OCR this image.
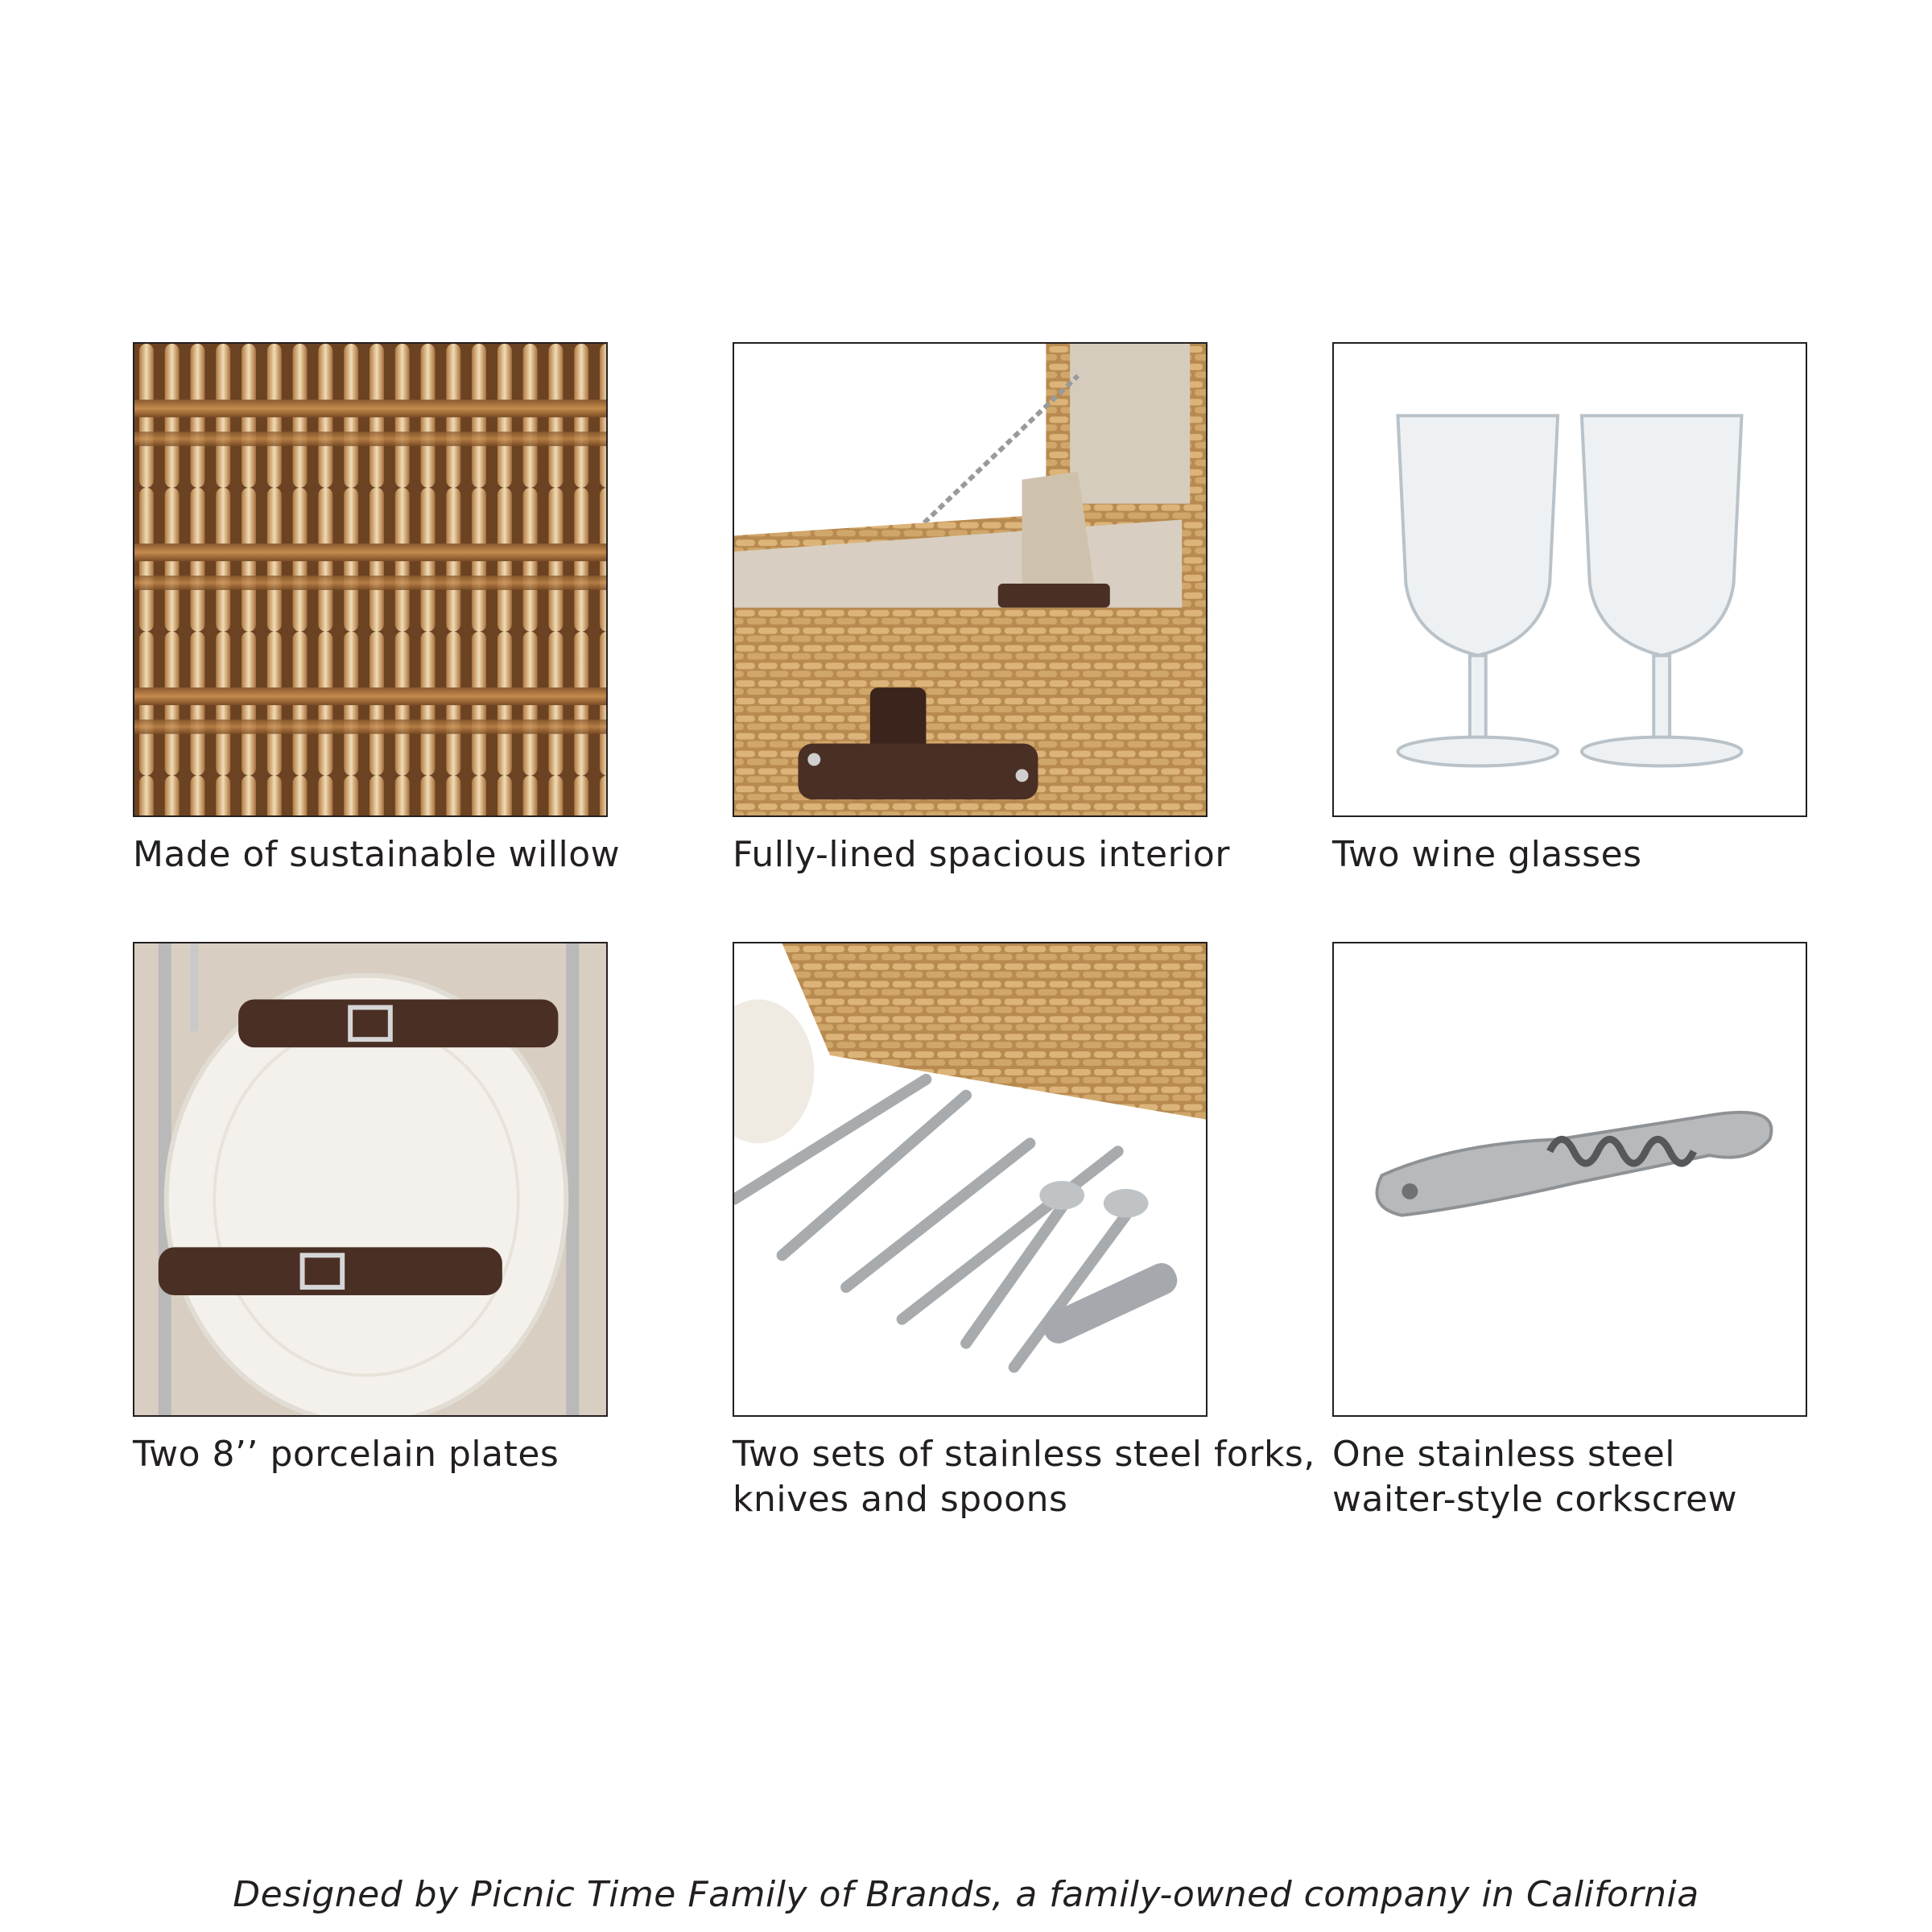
Made of sustainable willow	Fully-lined spacious interior	Two wine glasses
Two 8’’ porcelain plates	Two sets of stainless steel forks,
knives and spoons
One stainless steel
waiter-style corkscrew
Designed by Picnic Time Family of Brands, a family-owned company in California
